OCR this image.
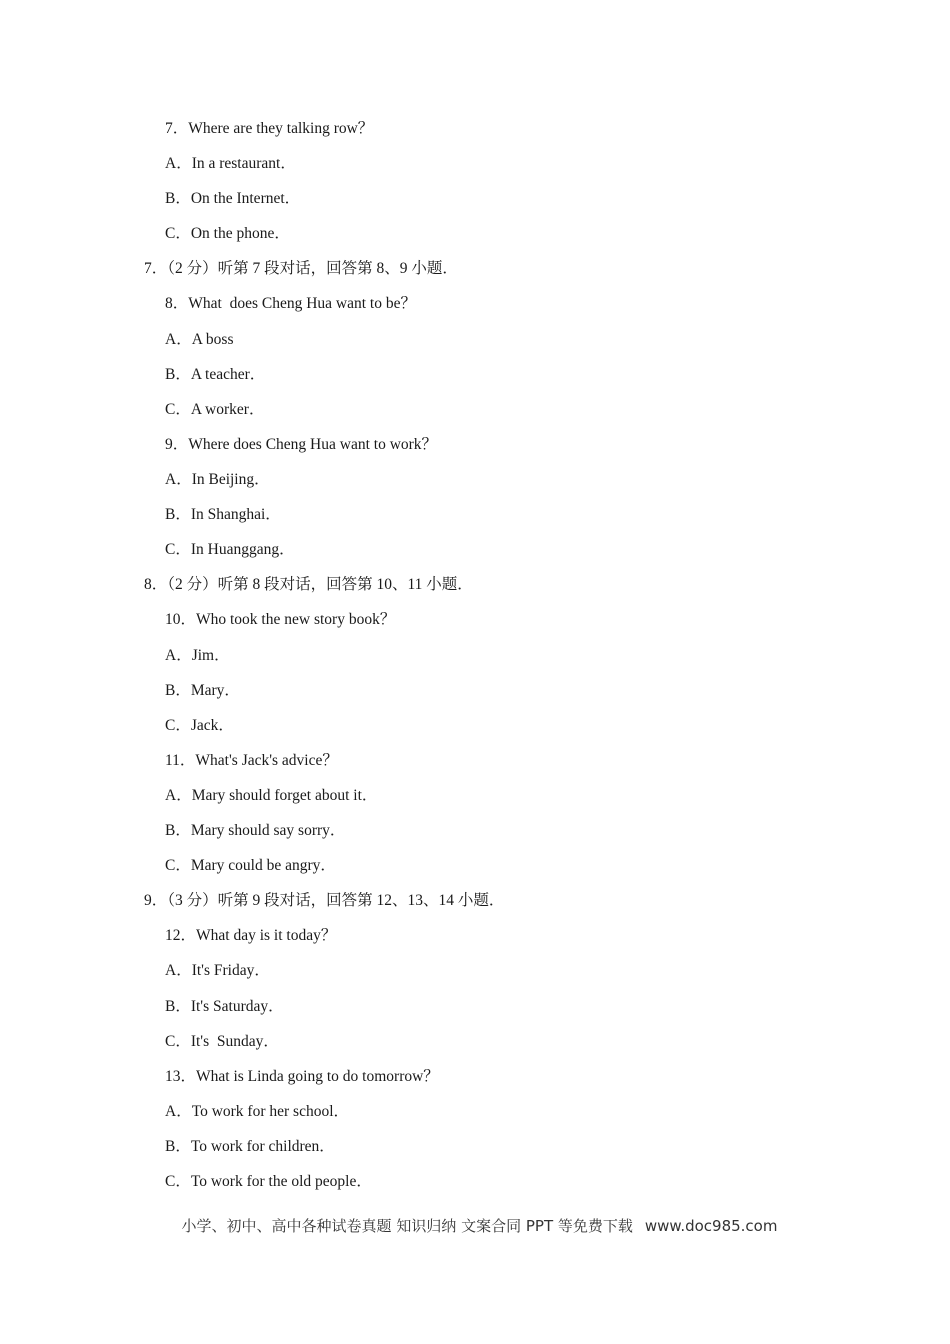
7．Where are they talking row？
A．In a restaurant．
B．On the Internet．
C．On the phone．
7．（2 分）听第 7 段对话，回答第 8、9 小题．
8．What  does Cheng Hua want to be？
A．A boss
B．A teacher．
C．A worker．
9．Where does Cheng Hua want to work？
A．In Beijing．
B．In Shanghai．
C．In Huanggang．
8．（2 分）听第 8 段对话，回答第 10、11 小题．
10．Who took the new story book？
A．Jim．
B．Mary．
C．Jack．
11．What's Jack's advice？
A．Mary should forget about it．
B．Mary should say sorry．
C．Mary could be angry．
9．（3 分）听第 9 段对话，回答第 12、13、14 小题．
12．What day is it today？
A．It's Friday．
B．It's Saturday．
C．It's  Sunday．
13．What is Linda going to do tomorrow？
A．To work for her school．
B．To work for children．
C．To work for the old people．

小学、初中、高中各种试卷真题 知识归纳 文案合同 PPT 等免费下载 www.doc985.com
